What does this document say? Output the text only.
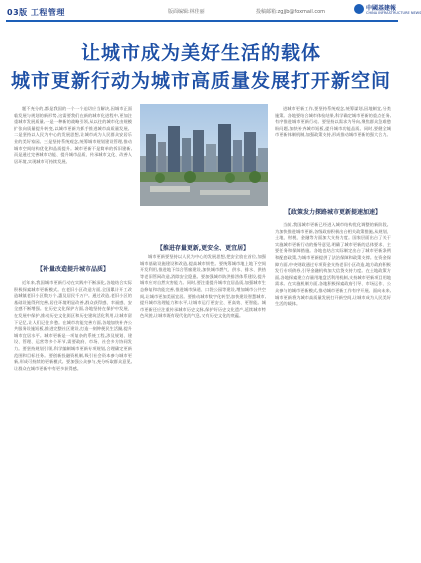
03版 工程管理	版面编辑:林佳丽	投稿邮箱:zgjjb@foxmail.com	中國基建報
CHINA INFRASTRUCTURE NEWS
让城市成为美好生活的载体
城市更新行动为城市高质量发展打开新空间

题不充分的,都是我国的一个一个迫切应当解决,因城市正面临发展与规划的新形势,这需要我们在新的城市化进程中,更加注重城市发展质量,一是一种新的战略引领,从以往的城市化由规模扩张向质量提升转变,以城市更新为抓手推进城市高质量发展。二是坚持以人民为中心的发展思想,让城市成为人民群众安居乐业的美好家园。三是坚持系统观念,统筹城市规划建设管理,推动城市空间结构优化和品质提升。城市更新不是简单的拆旧建新,而是通过完善城市功能、提升城市品质、传承城市文化、改善人居环境,实现城市可持续发展。

【补量改造提升城市品质】

近年来,我国城市更新行动在实践中不断深化,各地结合实际积极探索城市更新模式。在老旧小区改造方面,全国累计开工改造城镇老旧小区数万个,惠及居民千万户。通过改造,老旧小区的基础设施得到完善,居住环境明显改善,群众获得感、幸福感、安全感不断增强。在历史文化保护方面,各地坚持在保护中发展、在发展中保护,推动历史文化街区和历史建筑活化利用,让城市留下记忆,让人们记住乡愁。在城市功能完善方面,各地加快补齐公共服务设施短板,推进完整社区建设,打造一刻钟便民生活圈,提升城市宜居水平。城市更新是一项复杂的系统工程,涉及规划、建设、管理、运营等多个环节,需要政府、市场、社会多方协同发力。要坚持规划引领,科学编制城市更新专项规划,合理确定更新范围和目标任务。要创新投融资机制,吸引社会资本参与城市更新,形成可持续的更新模式。要加强公众参与,充分听取群众意见,让群众在城市更新中有更多获得感。

【推进存量更新,更安全、更宜居】

城市更新要坚持以人民为中心的发展思想,把安全放在首位,加强城市基础设施建设和改造,提高城市韧性。要统筹城市地上地下空间开发利用,推进地下综合管廊建设,加快城市燃气、供水、排水、供热等老旧管网改造,消除安全隐患。要加强城市防洪排涝体系建设,提升城市应对自然灾害能力。同时,要注重提升城市宜居品质,加强城市生态修复和功能完善,推进城市绿道、口袋公园等建设,增加城市公共空间,让城市更加美丽宜居。要推动城市数字化转型,加快建设智慧城市,提升城市治理能力和水平,让城市运行更安全、更高效、更智能。城市更新还应注重传承城市历史文脉,保护好历史文化遗产,延续城市特色风貌,让城市既有现代化的气息,又有历史文化的底蕴。

进城市更新工作,要坚持系统观念,统筹谋划,因地制宜,分类施策。各地要结合城市体检结果,科学确定城市更新的重点任务,有序推进城市更新行动。要坚持以需求为导向,聚焦群众急难愁盼问题,加快补齐城市短板,提升城市功能品质。同时,要健全城市更新体制机制,加强政策支持,形成推动城市更新的强大合力。

【政策发力探路城市更新提速加速】

当前,我国城市更新已经进入城市结构优化调整的新阶段。为加快推进城市更新,各级政府积极出台相关政策措施,从规划、土地、财税、金融等方面加大支持力度。国家层面出台了关于实施城市更新行动的指导意见,明确了城市更新的总体要求、主要任务和保障措施。各地也结合实际制定出台了城市更新条例和配套政策,为城市更新提供了法治保障和政策支撑。在资金保障方面,中央财政通过专项资金支持老旧小区改造,地方政府积极发行专项债券,引导金融机构加大信贷支持力度。在土地政策方面,各地探索建立存量用地盘活利用机制,支持城市更新项目用地需求。在实施机制方面,各地积极探索政府引导、市场运作、公众参与的城市更新模式,推动城市更新工作有序开展。面向未来,城市更新将为城市高质量发展打开新空间,让城市成为人民美好生活的载体。
